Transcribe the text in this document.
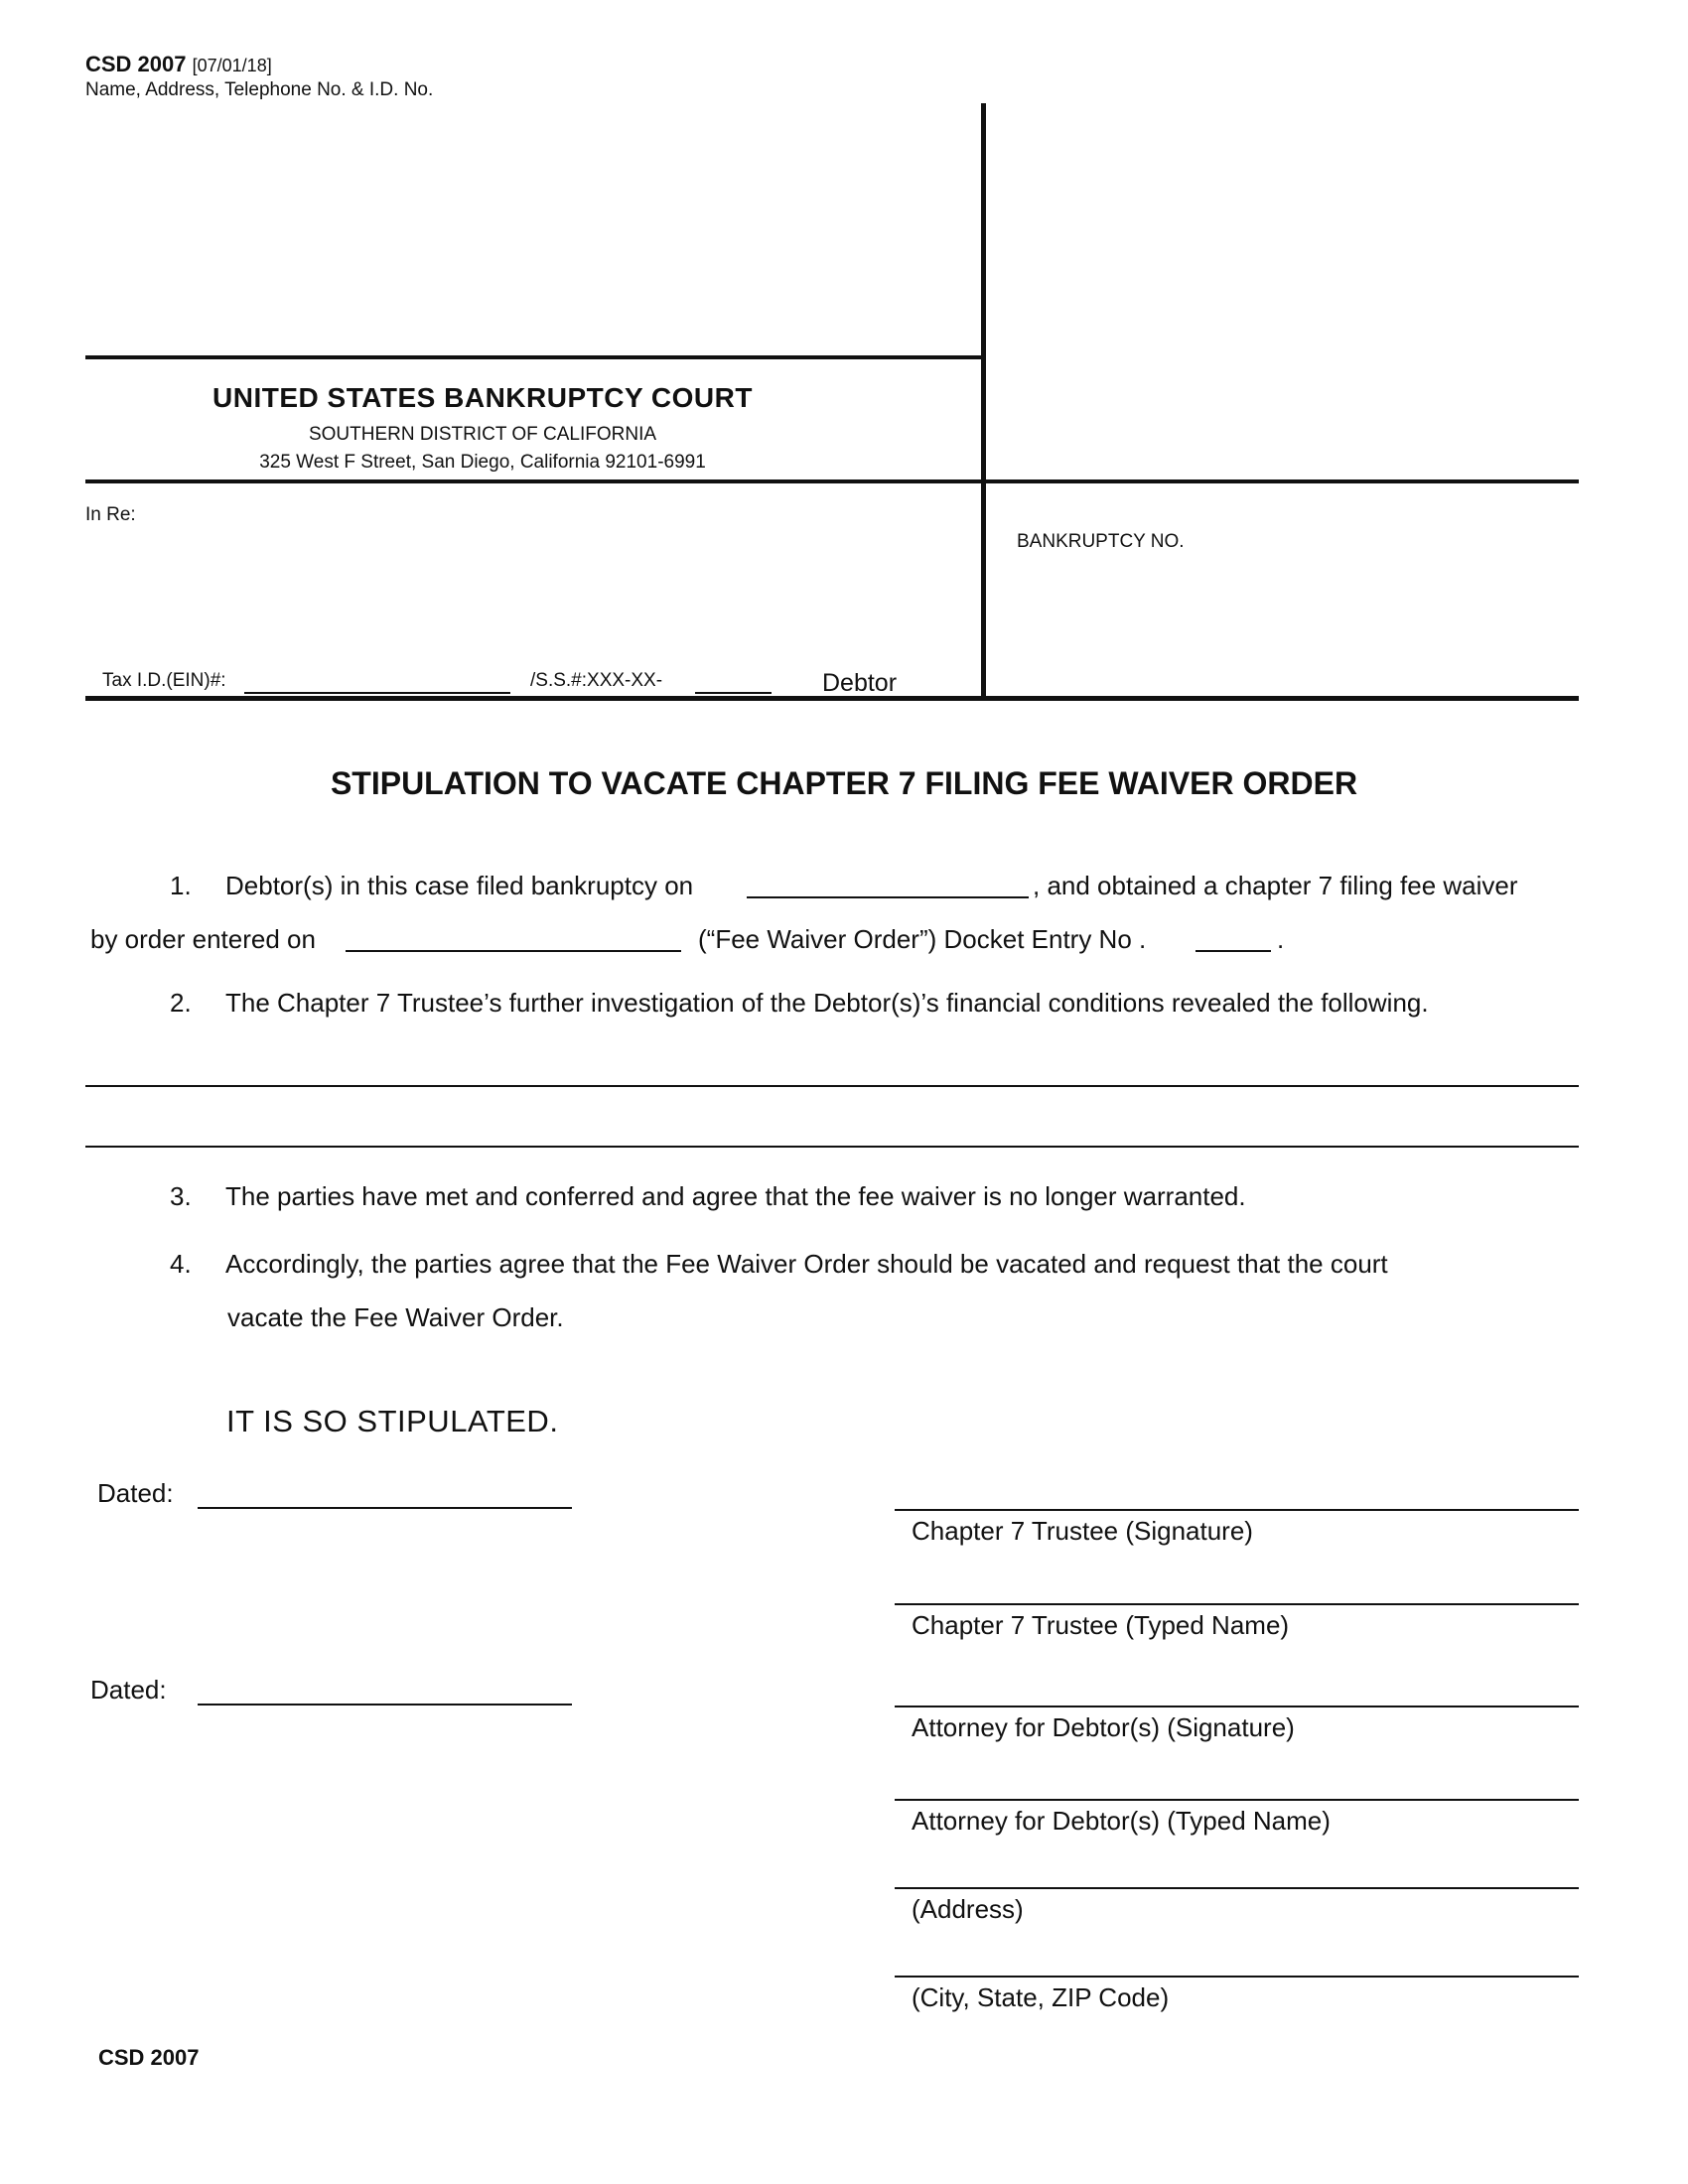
CSD 2007 [07/01/18]
Name, Address, Telephone No. & I.D. No.
UNITED STATES BANKRUPTCY COURT
SOUTHERN DISTRICT OF CALIFORNIA
325 West F Street, San Diego, California 92101-6991
In Re:
BANKRUPTCY NO.
Tax I.D.(EIN)#:	/S.S.#:XXX-XX-	Debtor
STIPULATION TO VACATE CHAPTER 7 FILING FEE WAIVER ORDER
1. Debtor(s) in this case filed bankruptcy on	, and obtained a chapter 7 filing fee waiver
by order entered on	(“Fee Waiver Order”) Docket Entry No .	.
2. The Chapter 7 Trustee’s further investigation of the Debtor(s)’s financial conditions revealed the following.
3. The parties have met and conferred and agree that the fee waiver is no longer warranted.
4. Accordingly, the parties agree that the Fee Waiver Order should be vacated and request that the court
vacate the Fee Waiver Order.
IT IS SO STIPULATED.
Dated:
Dated:
Chapter 7 Trustee (Signature)
Chapter 7 Trustee (Typed Name)
Attorney for Debtor(s) (Signature)
Attorney for Debtor(s) (Typed Name)
(Address)
(City, State, ZIP Code)
CSD 2007
